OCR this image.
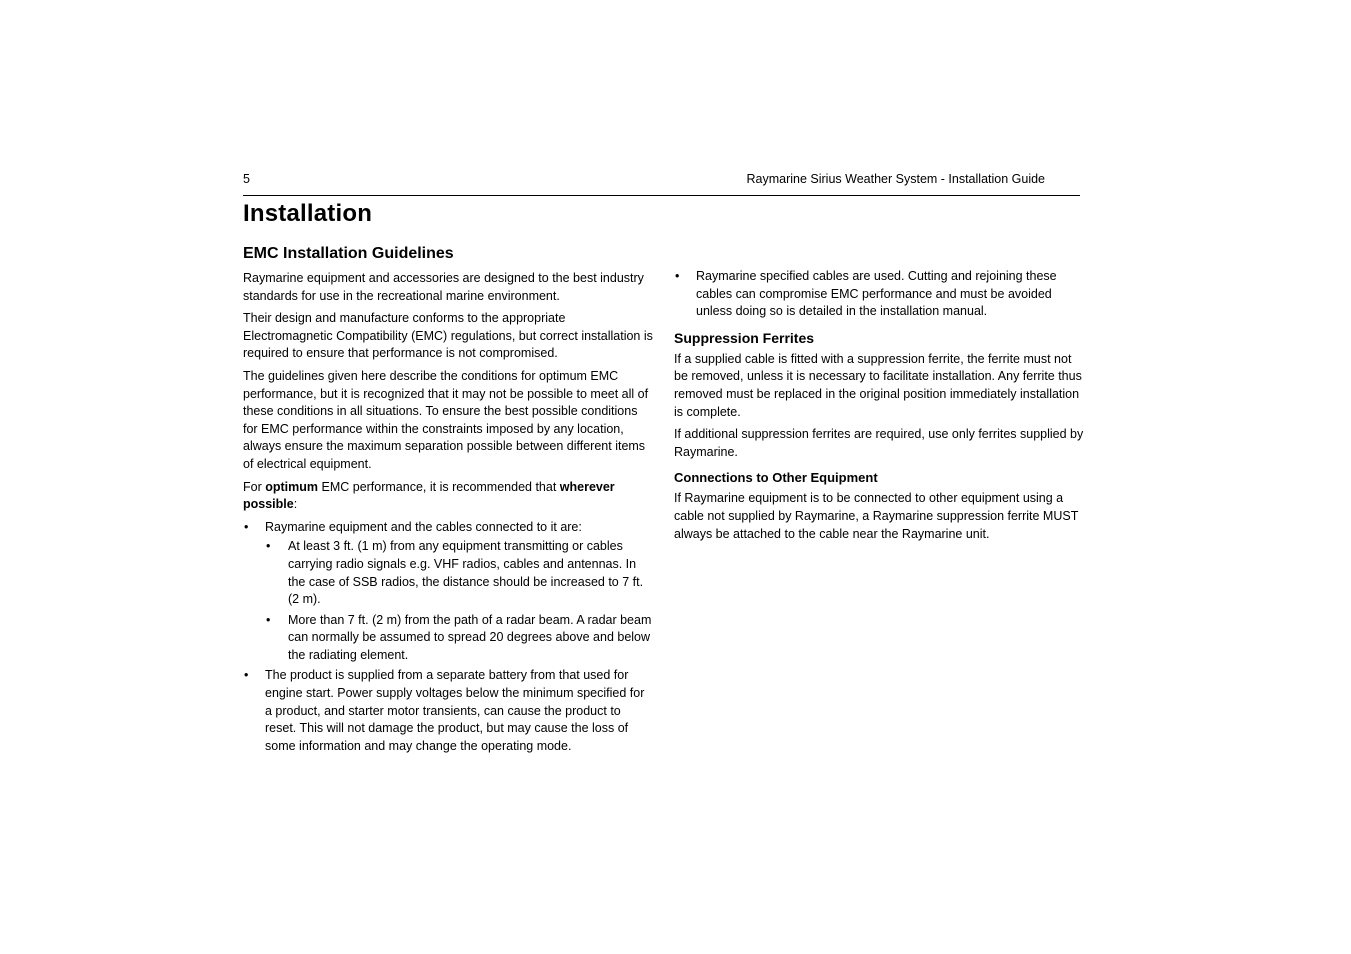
5	Raymarine Sirius Weather System - Installation Guide
Installation
EMC Installation Guidelines

Raymarine equipment and accessories are designed to the best industry standards for use in the recreational marine environment.

Their design and manufacture conforms to the appropriate Electromagnetic Compatibility (EMC) regulations, but correct installation is required to ensure that performance is not compromised.

The guidelines given here describe the conditions for optimum EMC performance, but it is recognized that it may not be possible to meet all of these conditions in all situations. To ensure the best possible conditions for EMC performance within the constraints imposed by any location, always ensure the maximum separation possible between different items of electrical equipment.

For optimum EMC performance, it is recommended that wherever possible:

• Raymarine equipment and the cables connected to it are:
• At least 3 ft. (1 m) from any equipment transmitting or cables carrying radio signals e.g. VHF radios, cables and antennas. In the case of SSB radios, the distance should be increased to 7 ft. (2 m).
• More than 7 ft. (2 m) from the path of a radar beam. A radar beam can normally be assumed to spread 20 degrees above and below the radiating element.
• The product is supplied from a separate battery from that used for engine start. Power supply voltages below the minimum specified for a product, and starter motor transients, can cause the product to reset. This will not damage the product, but may cause the loss of some information and may change the operating mode.
• Raymarine specified cables are used. Cutting and rejoining these cables can compromise EMC performance and must be avoided unless doing so is detailed in the installation manual.
Suppression Ferrites

If a supplied cable is fitted with a suppression ferrite, the ferrite must not be removed, unless it is necessary to facilitate installation. Any ferrite thus removed must be replaced in the original position immediately installation is complete.

If additional suppression ferrites are required, use only ferrites supplied by Raymarine.

Connections to Other Equipment

If Raymarine equipment is to be connected to other equipment using a cable not supplied by Raymarine, a Raymarine suppression ferrite MUST always be attached to the cable near the Raymarine unit.
